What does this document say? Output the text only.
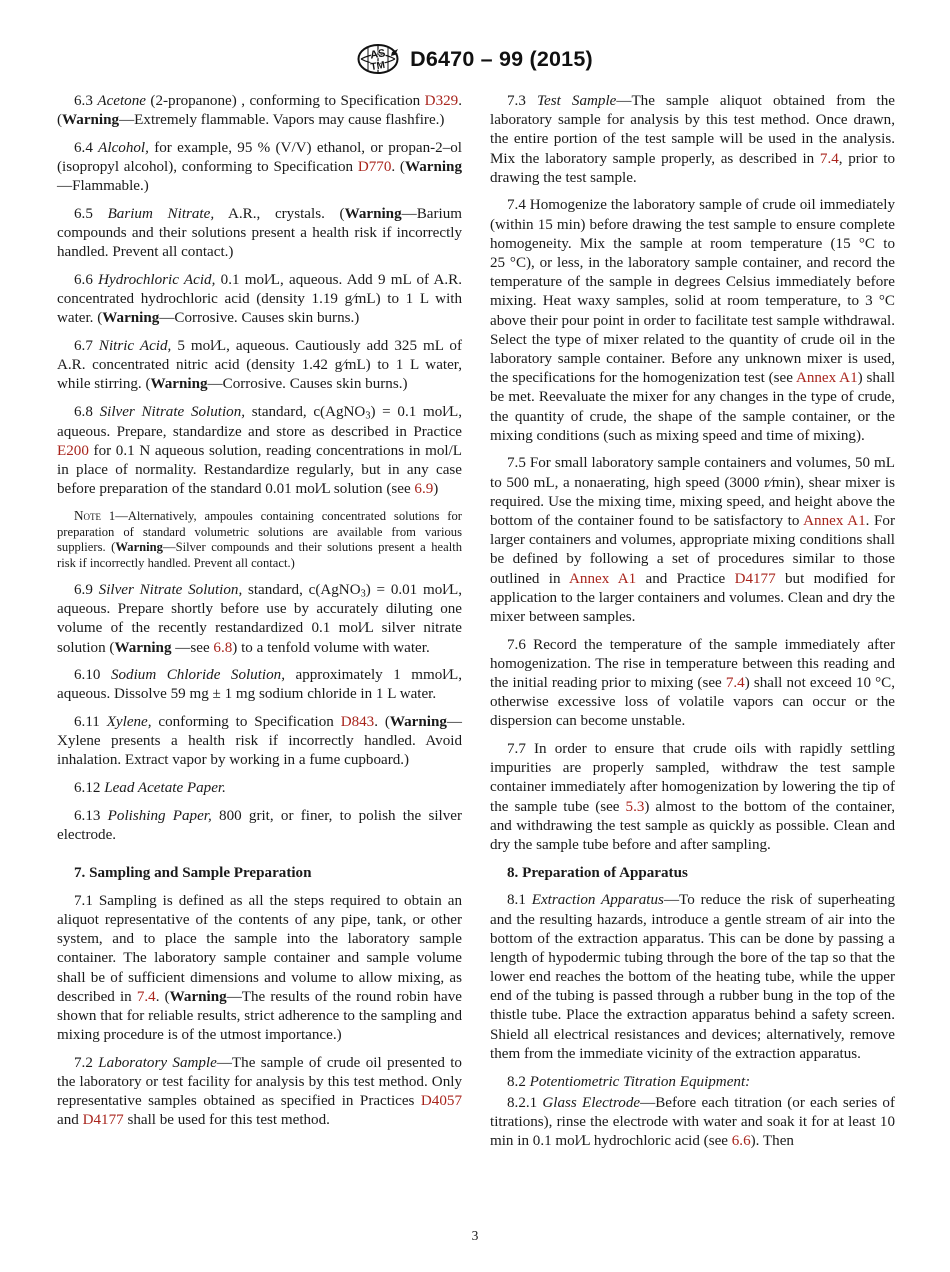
AS
TM D6470 – 99 (2015)

6.3 Acetone (2-propanone) , conforming to Specification D329. (Warning—Extremely flammable. Vapors may cause flashfire.)

6.4 Alcohol, for example, 95 % (V/V) ethanol, or propan-2–ol (isopropyl alcohol), conforming to Specification D770. (Warning—Flammable.)

6.5 Barium Nitrate, A.R., crystals. (Warning—Barium compounds and their solutions present a health risk if incorrectly handled. Prevent all contact.)

6.6 Hydrochloric Acid, 0.1 mol∕L, aqueous. Add 9 mL of A.R. concentrated hydrochloric acid (density 1.19 g∕mL) to 1 L with water. (Warning—Corrosive. Causes skin burns.)

6.7 Nitric Acid, 5 mol∕L, aqueous. Cautiously add 325 mL of A.R. concentrated nitric acid (density 1.42 g∕mL) to 1 L water, while stirring. (Warning—Corrosive. Causes skin burns.)

6.8 Silver Nitrate Solution, standard, c(AgNO$_3$) = 0.1 mol∕L, aqueous. Prepare, standardize and store as described in Practice E200 for 0.1 N aqueous solution, reading concentrations in mol/L in place of normality. Restandardize regularly, but in any case before preparation of the standard 0.01 mol∕L solution (see 6.9)

Note 1—Alternatively, ampoules containing concentrated solutions for preparation of standard volumetric solutions are available from various suppliers. (Warning—Silver compounds and their solutions present a health risk if incorrectly handled. Prevent all contact.)

6.9 Silver Nitrate Solution, standard, c(AgNO$_3$) = 0.01 mol∕L, aqueous. Prepare shortly before use by accurately diluting one volume of the recently restandardized 0.1 mol∕L silver nitrate solution (Warning —see 6.8) to a tenfold volume with water.

6.10 Sodium Chloride Solution, approximately 1 mmol∕L, aqueous. Dissolve 59 mg ± 1 mg sodium chloride in 1 L water.

6.11 Xylene, conforming to Specification D843. (Warning—Xylene presents a health risk if incorrectly handled. Avoid inhalation. Extract vapor by working in a fume cupboard.)

6.12 Lead Acetate Paper.

6.13 Polishing Paper, 800 grit, or finer, to polish the silver electrode.

7. Sampling and Sample Preparation

7.1 Sampling is defined as all the steps required to obtain an aliquot representative of the contents of any pipe, tank, or other system, and to place the sample into the laboratory sample container. The laboratory sample container and sample volume shall be of sufficient dimensions and volume to allow mixing, as described in 7.4. (Warning—The results of the round robin have shown that for reliable results, strict adherence to the sampling and mixing procedure is of the utmost importance.)

7.2 Laboratory Sample—The sample of crude oil presented to the laboratory or test facility for analysis by this test method. Only representative samples obtained as specified in Practices D4057 and D4177 shall be used for this test method.

7.3 Test Sample—The sample aliquot obtained from the laboratory sample for analysis by this test method. Once drawn, the entire portion of the test sample will be used in the analysis. Mix the laboratory sample properly, as described in 7.4, prior to drawing the test sample.

7.4 Homogenize the laboratory sample of crude oil immediately (within 15 min) before drawing the test sample to ensure complete homogeneity. Mix the sample at room temperature (15 °C to 25 °C), or less, in the laboratory sample container, and record the temperature of the sample in degrees Celsius immediately before mixing. Heat waxy samples, solid at room temperature, to 3 °C above their pour point in order to facilitate test sample withdrawal. Select the type of mixer related to the quantity of crude oil in the laboratory sample container. Before any unknown mixer is used, the specifications for the homogenization test (see Annex A1) shall be met. Reevaluate the mixer for any changes in the type of crude, the quantity of crude, the shape of the sample container, or the mixing conditions (such as mixing speed and time of mixing).

7.5 For small laboratory sample containers and volumes, 50 mL to 500 mL, a nonaerating, high speed (3000 r∕min), shear mixer is required. Use the mixing time, mixing speed, and height above the bottom of the container found to be satisfactory to Annex A1. For larger containers and volumes, appropriate mixing conditions shall be defined by following a set of procedures similar to those outlined in Annex A1 and Practice D4177 but modified for application to the larger containers and volumes. Clean and dry the mixer between samples.

7.6 Record the temperature of the sample immediately after homogenization. The rise in temperature between this reading and the initial reading prior to mixing (see 7.4) shall not exceed 10 °C, otherwise excessive loss of volatile vapors can occur or the dispersion can become unstable.

7.7 In order to ensure that crude oils with rapidly settling impurities are properly sampled, withdraw the test sample container immediately after homogenization by lowering the tip of the sample tube (see 5.3) almost to the bottom of the container, and withdrawing the test sample as quickly as possible. Clean and dry the sample tube before and after sampling.

8. Preparation of Apparatus

8.1 Extraction Apparatus—To reduce the risk of superheating and the resulting hazards, introduce a gentle stream of air into the bottom of the extraction apparatus. This can be done by passing a length of hypodermic tubing through the bore of the tap so that the lower end reaches the bottom of the heating tube, while the upper end of the tubing is passed through a rubber bung in the top of the thistle tube. Place the extraction apparatus behind a safety screen. Shield all electrical resistances and devices; alternatively, remove them from the immediate vicinity of the extraction apparatus.

8.2 Potentiometric Titration Equipment:

8.2.1 Glass Electrode—Before each titration (or each series of titrations), rinse the electrode with water and soak it for at least 10 min in 0.1 mol∕L hydrochloric acid (see 6.6). Then

3
